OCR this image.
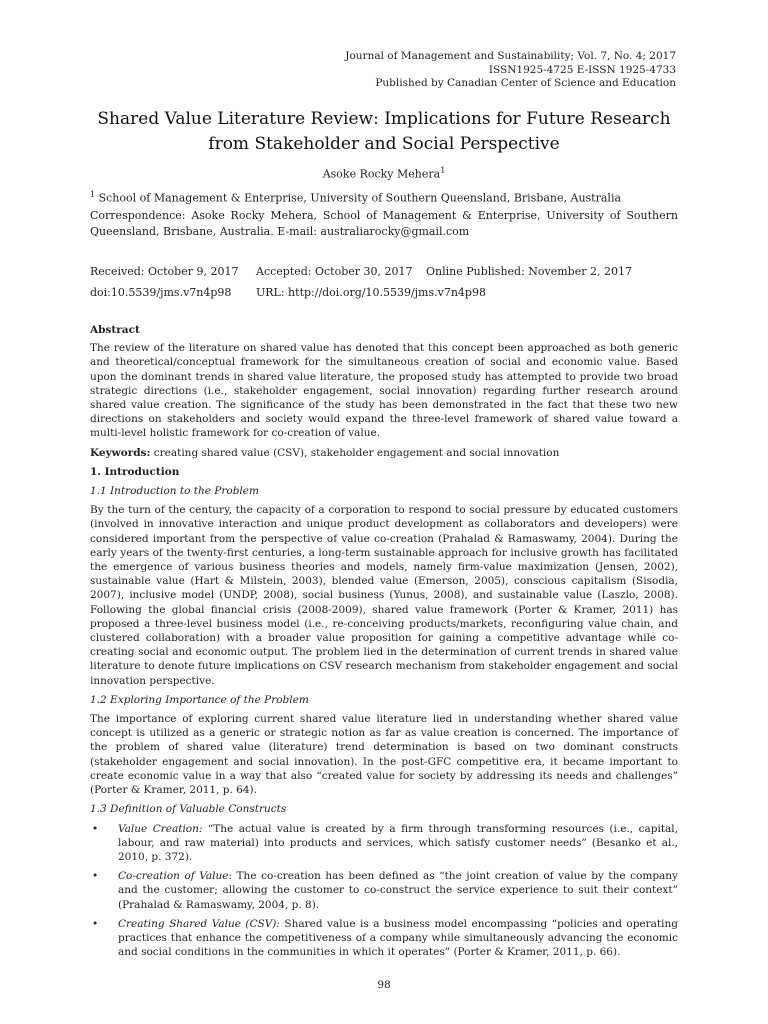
Journal of Management and Sustainability; Vol. 7, No. 4; 2017
ISSN1925-4725 E-ISSN 1925-4733
Published by Canadian Center of Science and Education
Shared Value Literature Review: Implications for Future Research
from Stakeholder and Social Perspective
Asoke Rocky Mehera$^1$
$^1$ School of Management & Enterprise, University of Southern Queensland, Brisbane, Australia
Correspondence: Asoke Rocky Mehera, School of Management & Enterprise, University of Southern Queensland, Brisbane, Australia. E-mail: australiarocky@gmail.com
Received: October 9, 2017 Accepted: October 30, 2017 Online Published: November 2, 2017
doi:10.5539/jms.v7n4p98 URL: http://doi.org/10.5539/jms.v7n4p98

Abstract

The review of the literature on shared value has denoted that this concept been approached as both generic and theoretical/conceptual framework for the simultaneous creation of social and economic value. Based upon the dominant trends in shared value literature, the proposed study has attempted to provide two broad strategic directions (i.e., stakeholder engagement, social innovation) regarding further research around shared value creation. The significance of the study has been demonstrated in the fact that these two new directions on stakeholders and society would expand the three-level framework of shared value toward a multi-level holistic framework for co-creation of value.

Keywords: creating shared value (CSV), stakeholder engagement and social innovation

1. Introduction

1.1 Introduction to the Problem

By the turn of the century, the capacity of a corporation to respond to social pressure by educated customers (involved in innovative interaction and unique product development as collaborators and developers) were considered important from the perspective of value co-creation (Prahalad & Ramaswamy, 2004). During the early years of the twenty-first centuries, a long-term sustainable approach for inclusive growth has facilitated the emergence of various business theories and models, namely firm-value maximization (Jensen, 2002), sustainable value (Hart & Milstein, 2003), blended value (Emerson, 2005), conscious capitalism (Sisodia, 2007), inclusive model (UNDP, 2008), social business (Yunus, 2008), and sustainable value (Laszlo, 2008). Following the global financial crisis (2008-2009), shared value framework (Porter & Kramer, 2011) has proposed a three-level business model (i.e., re-conceiving products/markets, reconfiguring value chain, and clustered collaboration) with a broader value proposition for gaining a competitive advantage while co-creating social and economic output. The problem lied in the determination of current trends in shared value literature to denote future implications on CSV research mechanism from stakeholder engagement and social innovation perspective.

1.2 Exploring Importance of the Problem

The importance of exploring current shared value literature lied in understanding whether shared value concept is utilized as a generic or strategic notion as far as value creation is concerned. The importance of the problem of shared value (literature) trend determination is based on two dominant constructs (stakeholder engagement and social innovation). In the post-GFC competitive era, it became important to create economic value in a way that also “created value for society by addressing its needs and challenges” (Porter & Kramer, 2011, p. 64).

1.3 Definition of Valuable Constructs

• Value Creation: “The actual value is created by a firm through transforming resources (i.e., capital, labour, and raw material) into products and services, which satisfy customer needs” (Besanko et al., 2010, p. 372).

• Co-creation of Value: The co-creation has been defined as “the joint creation of value by the company and the customer; allowing the customer to co-construct the service experience to suit their context” (Prahalad & Ramaswamy, 2004, p. 8).

• Creating Shared Value (CSV): Shared value is a business model encompassing “policies and operating practices that enhance the competitiveness of a company while simultaneously advancing the economic and social conditions in the communities in which it operates” (Porter & Kramer, 2011, p. 66).

98
